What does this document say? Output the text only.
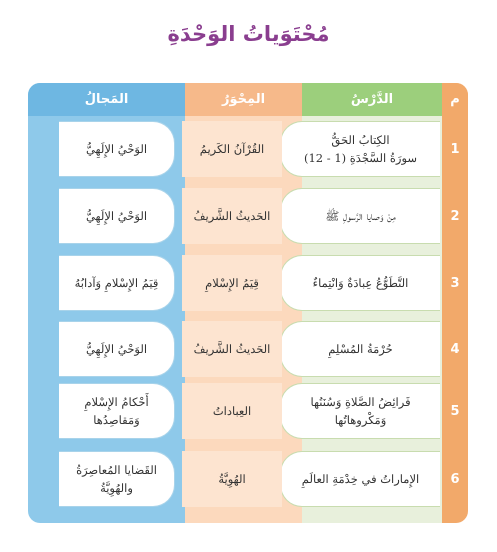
مُحْتَوَياتُ الوَحْدَةِ
م
الدَّرْسُ
المِحْوَرُ
المَجالُ
1
الكِتابُ الحَقُّ
سورَةُ السَّجْدَةِ (1 - 12)
القُرْآنُ الكَريمُ
الوَحْيُ الإِلَهِيُّ
2
مِنْ وَصايا الرَّسولِ ﷺ
الحَديثُ الشَّريفُ
الوَحْيُ الإِلَهِيُّ
3
التَّطَوُّعُ عِبادَةٌ وَانْتِماءٌ
قِيَمُ الإِسْلامِ
قِيَمُ الإِسْلامِ وَآدابُهُ
4
حُرْمَةُ المُسْلِمِ
الحَديثُ الشَّريفُ
الوَحْيُ الإِلَهِيُّ
5
فَرائِضُ الصَّلاةِ وَسُنَنُها
وَمَكْروهاتُها
العِباداتُ
أَحْكامُ الإِسْلامِ
وَمَقاصِدُها
6
الإِماراتُ في خِدْمَةِ العالَمِ
الهُوِيَّةُ
القَضايا المُعاصِرَةُ
والهُوِيَّةُ
